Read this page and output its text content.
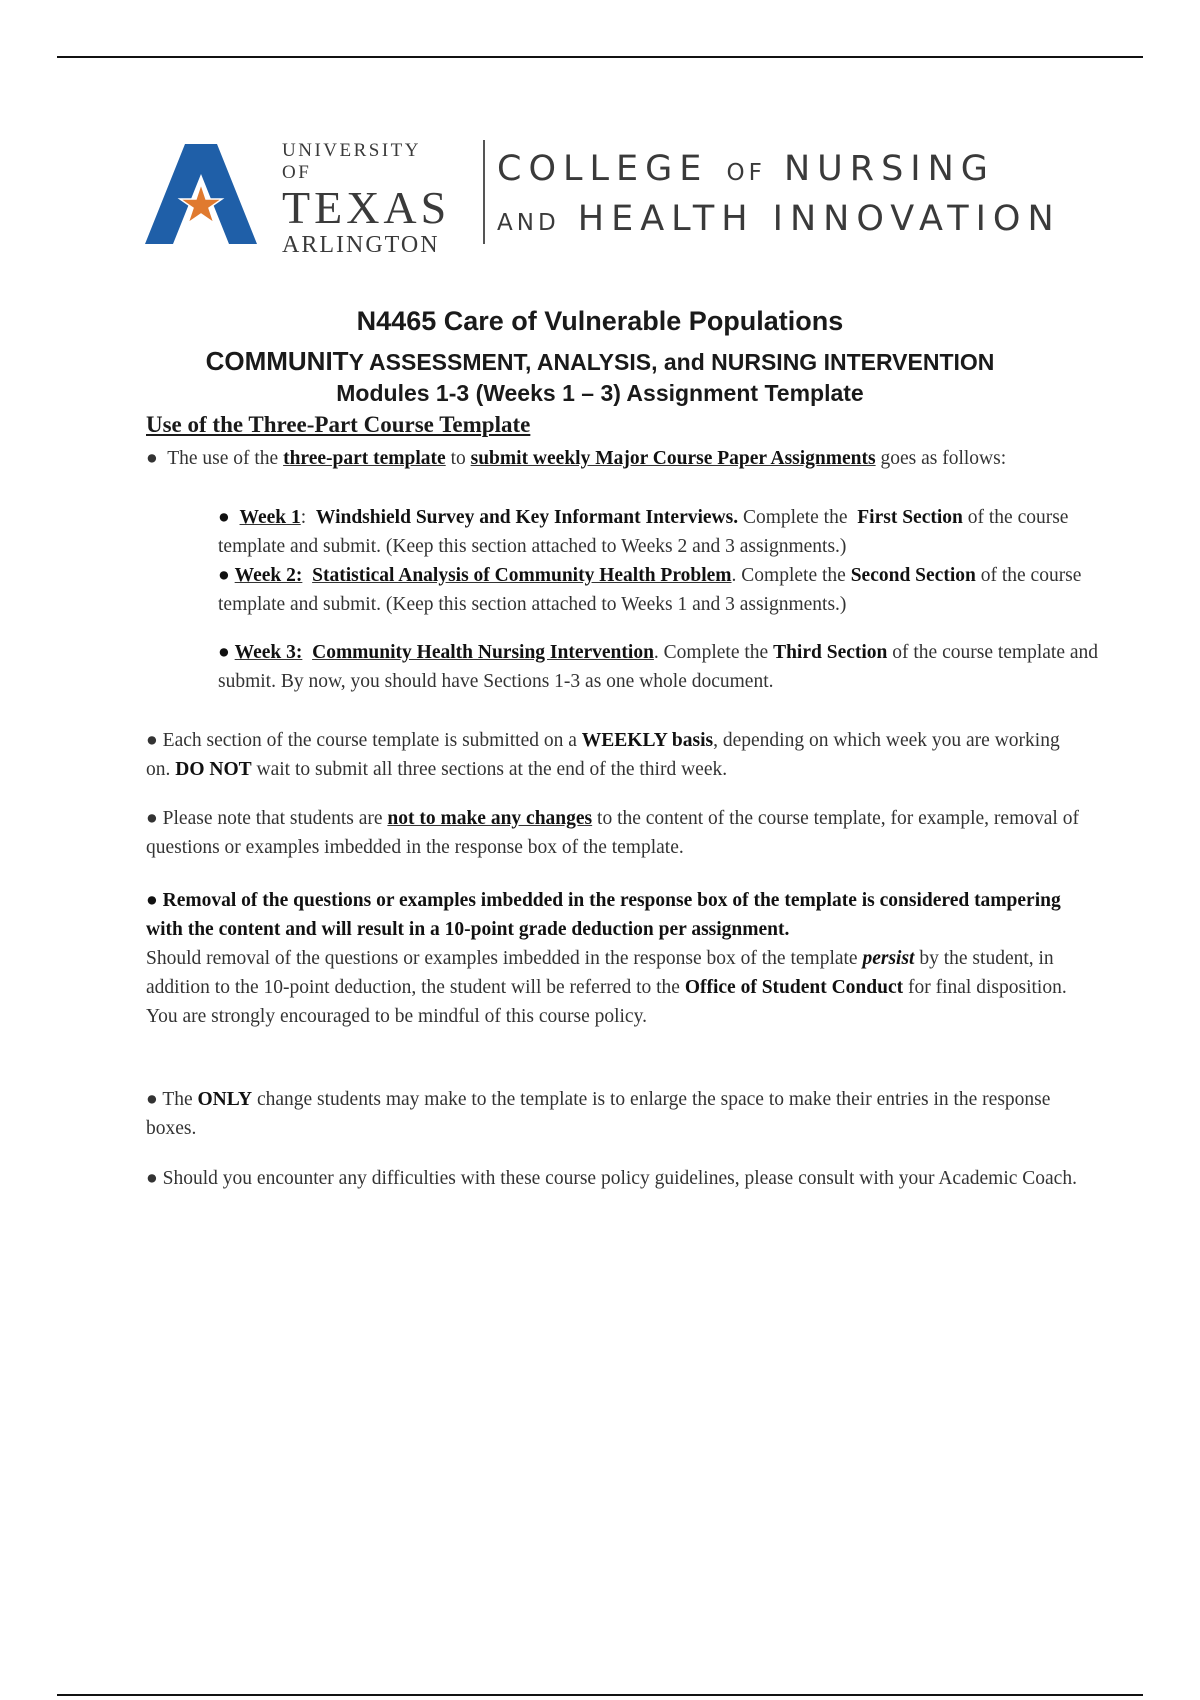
UNIVERSITY OF
TEXAS
ARLINGTON
COLLEGE OF NURSING
AND HEALTH INNOVATION
N4465 Care of Vulnerable Populations
COMMUNITY ASSESSMENT, ANALYSIS, and NURSING INTERVENTION
Modules 1-3 (Weeks 1 – 3) Assignment Template
Use of the Three-Part Course Template

● The use of the three-part template to submit weekly Major Course Paper Assignments goes as follows:

●  Week 1: Windshield Survey and Key Informant Interviews. Complete the  First Section of the course template and submit. (Keep this section attached to Weeks 2 and 3 assignments.)

● Week 2: Statistical Analysis of Community Health Problem. Complete the Second Section of the course template and submit. (Keep this section attached to Weeks 1 and 3 assignments.)

● Week 3: Community Health Nursing Intervention. Complete the Third Section of the course template and submit. By now, you should have Sections 1-3 as one whole document.

● Each section of the course template is submitted on a WEEKLY basis, depending on which week you are working on. DO NOT wait to submit all three sections at the end of the third week.

● Please note that students are not to make any changes to the content of the course template, for example, removal of questions or examples imbedded in the response box of the template.

● Removal of the questions or examples imbedded in the response box of the template is considered tampering with the content and will result in a 10-point grade deduction per assignment.

Should removal of the questions or examples imbedded in the response box of the template persist by the student, in addition to the 10-point deduction, the student will be referred to the Office of Student Conduct for final disposition. You are strongly encouraged to be mindful of this course policy.

● The ONLY change students may make to the template is to enlarge the space to make their entries in the response boxes.

● Should you encounter any difficulties with these course policy guidelines, please consult with your Academic Coach.
